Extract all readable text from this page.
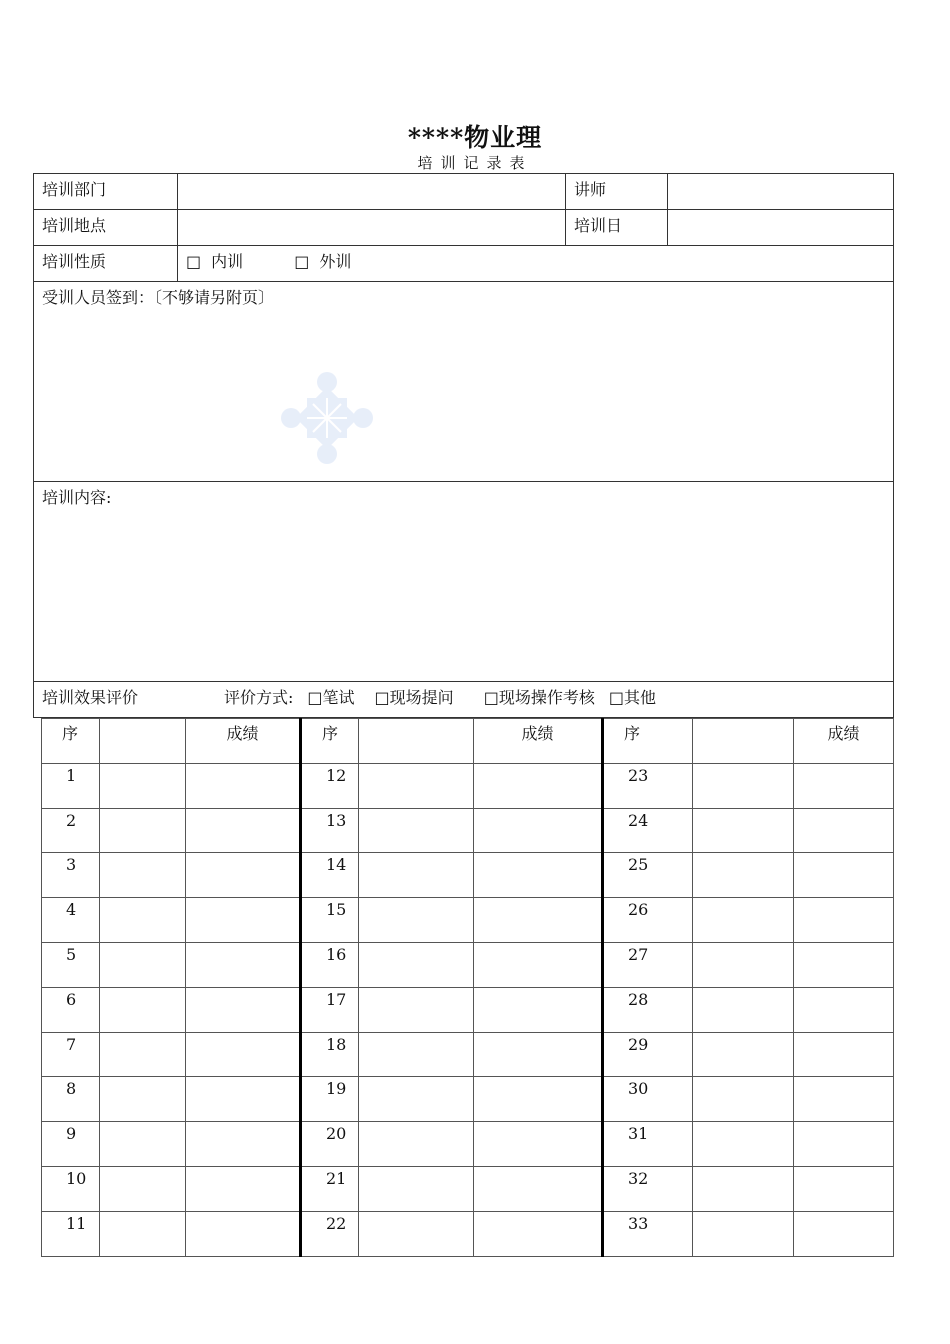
****物业理
培训记录表
培训部门		讲师	
培训地点		培训日	
培训性质	□ 内训 □ 外训		
受训人员签到：〔不够请另附页〕			
培训内容:			
培训效果评价 评价方式: □笔试 □现场提问 □现场操作考核 □其他			
序		成绩	序		成绩	序		成绩
1			12			23		
2			13			24		
3			14			25		
4			15			26		
5			16			27		
6			17			28		
7			18			29		
8			19			30		
9			20			31		
10			21			32		
11			22			33		
